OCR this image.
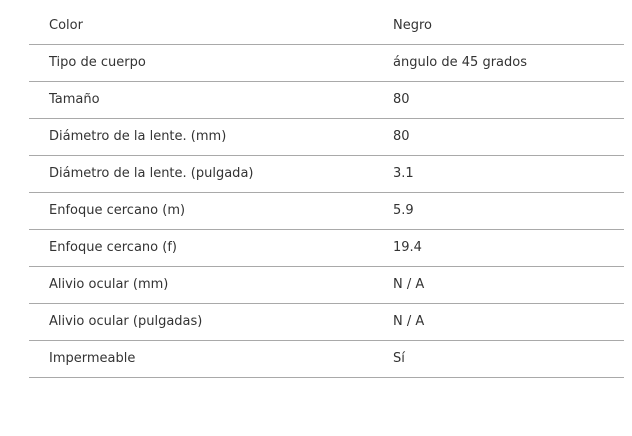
Color	Negro
Tipo de cuerpo	ángulo de 45 grados
Tamaño	80
Diámetro de la lente. (mm)	80
Diámetro de la lente. (pulgada)	3.1
Enfoque cercano (m)	5.9
Enfoque cercano (f)	19.4
Alivio ocular (mm)	N / A
Alivio ocular (pulgadas)	N / A
Impermeable	Sí
